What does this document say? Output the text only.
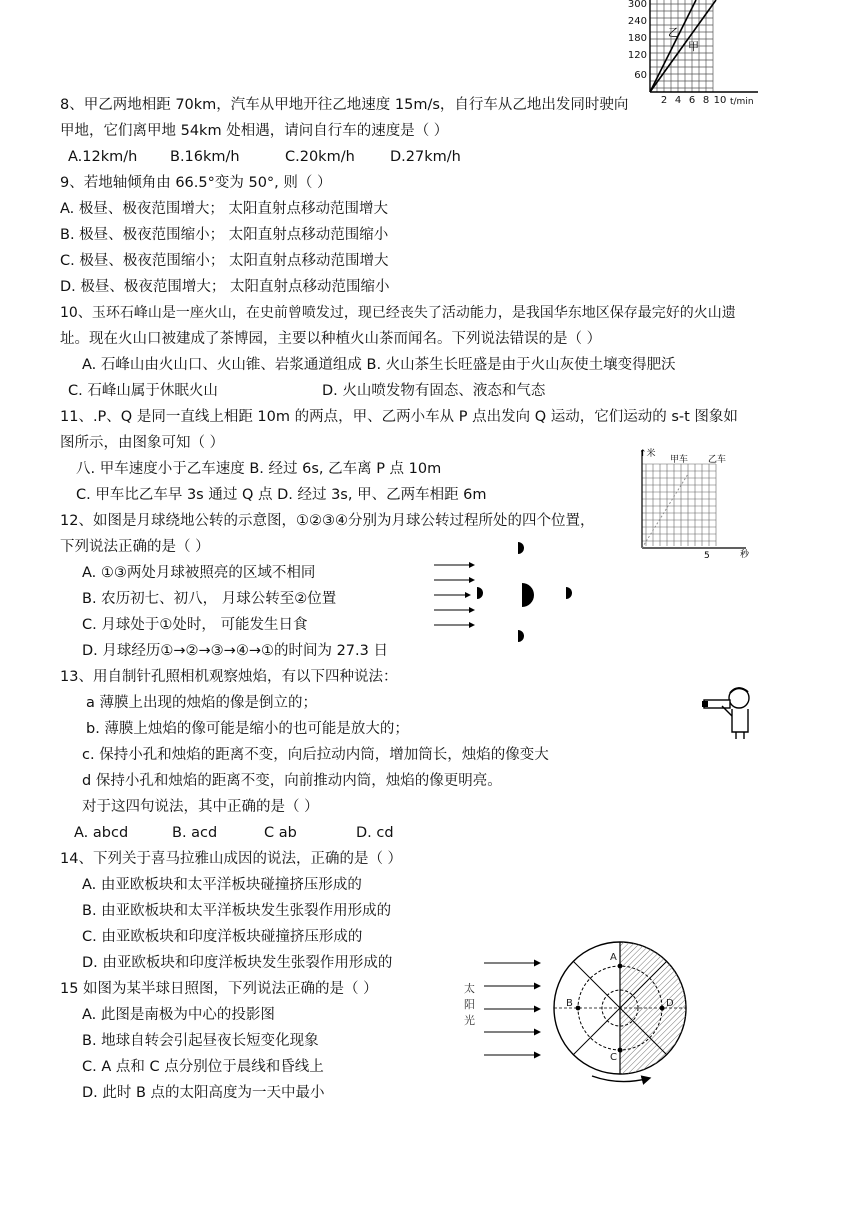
乙
甲
300
240
180
120
60
2 4 6 8 10 t/min
8、甲乙两地相距 70km，汽车从甲地开往乙地速度 15m/s，自行车从乙地出发同时驶向
甲地，它们离甲地 54km 处相遇，请问自行车的速度是（ ）
A.12km/h B.16km/h	C.20km/h D.27km/h
9、若地轴倾角由 66.5°变为 50°, 则（ ）
A. 极昼、极夜范围增大； 太阳直射点移动范围增大
B. 极昼、极夜范围缩小； 太阳直射点移动范围缩小
C. 极昼、极夜范围缩小； 太阳直射点移动范围增大
D. 极昼、极夜范围增大； 太阳直射点移动范围缩小
10、玉环石峰山是一座火山，在史前曾喷发过，现已经丧失了活动能力，是我国华东地区保存最完好的火山遗
址。现在火山口被建成了茶博园，主要以种植火山茶而闻名。下列说法错误的是（ ）
A. 石峰山由火山口、火山锥、岩浆通道组成 B. 火山茶生长旺盛是由于火山灰使土壤变得肥沃
C. 石峰山属于休眠火山	D. 火山喷发物有固态、液态和气态
11、.P、Q 是同一直线上相距 10m 的两点，甲、乙两小车从 P 点出发向 Q 运动，它们运动的 s-t 图象如
图所示，由图象可知（ ）
八. 甲车速度小于乙车速度 B. 经过 6s, 乙车离 P 点 10m
C. 甲车比乙车早 3s 通过 Q 点 D. 经过 3s, 甲、乙两车相距 6m
↑米
甲车 乙车
5	秒
12、如图是月球绕地公转的示意图，①②③④分别为月球公转过程所处的四个位置，
下列说法正确的是（ ）
A. ①③两处月球被照亮的区域不相同
B. 农历初七、初八， 月球公转至②位置
C. 月球处于①处时， 可能发生日食
D. 月球经历①→②→③→④→①的时间为 27.3 日
13、用自制针孔照相机观察烛焰，有以下四种说法：
a 薄膜上出现的烛焰的像是倒立的；
b. 薄膜上烛焰的像可能是缩小的也可能是放大的；
c. 保持小孔和烛焰的距离不变，向后拉动内筒，增加筒长，烛焰的像变大
d 保持小孔和烛焰的距离不变，向前推动内筒，烛焰的像更明亮。
对于这四句说法，其中正确的是（ ）
A. abcd	B. acd	C ab	D. cd
14、下列关于喜马拉雅山成因的说法，正确的是（ ）
A. 由亚欧板块和太平洋板块碰撞挤压形成的
B. 由亚欧板块和太平洋板块发生张裂作用形成的
C. 由亚欧板块和印度洋板块碰撞挤压形成的
D. 由亚欧板块和印度洋板块发生张裂作用形成的
15 如图为某半球日照图，下列说法正确的是（ ）
A. 此图是南极为中心的投影图
B. 地球自转会引起昼夜长短变化现象
C. A 点和 C 点分别位于晨线和昏线上
D. 此时 B 点的太阳高度为一天中最小
太
阳
光
A
B
C
D
